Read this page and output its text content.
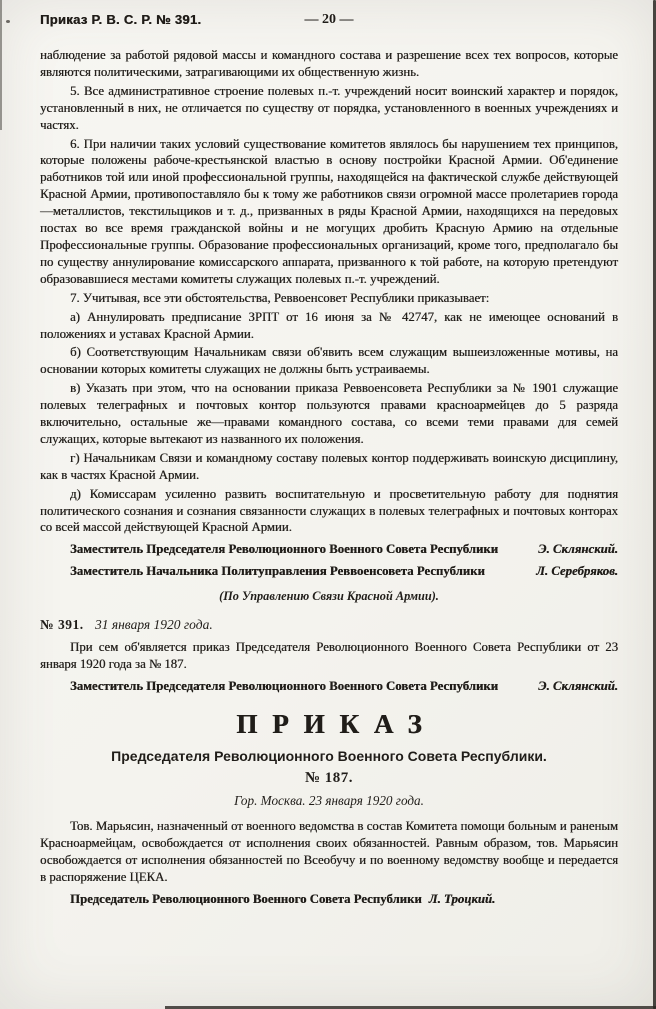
Приказ Р. В. С. Р. № 391.	— 20 —

наблюдение за работой рядовой массы и командного состава и разрешение всех тех вопросов, которые являются политическими, затрагивающими их общественную жизнь.

5. Все административное строение полевых п.-т. учреждений носит воинский характер и порядок, установленный в них, не отличается по существу от порядка, установленного в военных учреждениях и частях.

6. При наличии таких условий существование комитетов являлось бы нарушением тех принципов, которые положены рабоче-крестьянской властью в основу постройки Красной Армии. Об'единение работников той или иной профессиональной группы, находящейся на фактической службе действующей Красной Армии, противопоставляло бы к тому же работников связи огромной массе пролетариев города—металлистов, текстильщиков и т. д., призванных в ряды Красной Армии, находящихся на передовых постах во все время гражданской войны и не могущих дробить Красную Армию на отдельные Профессиональные группы. Образование профессиональных организаций, кроме того, предполагало бы по существу аннулирование комиссарского аппарата, призванного к той работе, на которую претендуют образовавшиеся местами комитеты служащих полевых п.-т. учреждений.

7. Учитывая, все эти обстоятельства, Реввоенсовет Республики приказывает:

а) Аннулировать предписание ЗРПТ от 16 июня за № 42747, как не имеющее оснований в положениях и уставах Красной Армии.

б) Соответствующим Начальникам связи об'явить всем служащим вышеизложенные мотивы, на основании которых комитеты служащих не должны быть устраиваемы.

в) Указать при этом, что на основании приказа Реввоенсовета Республики за № 1901 служащие полевых телеграфных и почтовых контор пользуются правами красноармейцев до 5 разряда включительно, остальные же—правами командного состава, со всеми теми правами для семей служащих, которые вытекают из названного их положения.

г) Начальникам Связи и командному составу полевых контор поддерживать воинскую дисциплину, как в частях Красной Армии.

д) Комиссарам усиленно развить воспитательную и просветительную работу для поднятия политического сознания и сознания связанности служащих в полевых телеграфных и почтовых конторах со всей массой действующей Красной Армии.

Заместитель Председателя Революционного Военного Совета Республики	Э. Склянский.
Заместитель Начальника Политуправления Реввоенсовета Республики	Л. Серебряков.
(По Управлению Связи Красной Армии).
№ 391. 31 января 1920 года.

При сем об'является приказ Председателя Революционного Военного Совета Республики от 23 января 1920 года за № 187.

Заместитель Председателя Революционного Военного Совета Республики	Э. Склянский.
ПРИКАЗ
Председателя Революционного Военного Совета Республики.
№ 187.
Гор. Москва. 23 января 1920 года.

Тов. Марьясин, назначенный от военного ведомства в состав Комитета помощи больным и раненым Красноармейцам, освобождается от исполнения своих обязанностей. Равным образом, тов. Марьясин освобождается от исполнения обязанностей по Всеобучу и по военному ведомству вообще и передается в распоряжение ЦЕКА.

Председатель Революционного Военного Совета Республики Л. Троцкий.
